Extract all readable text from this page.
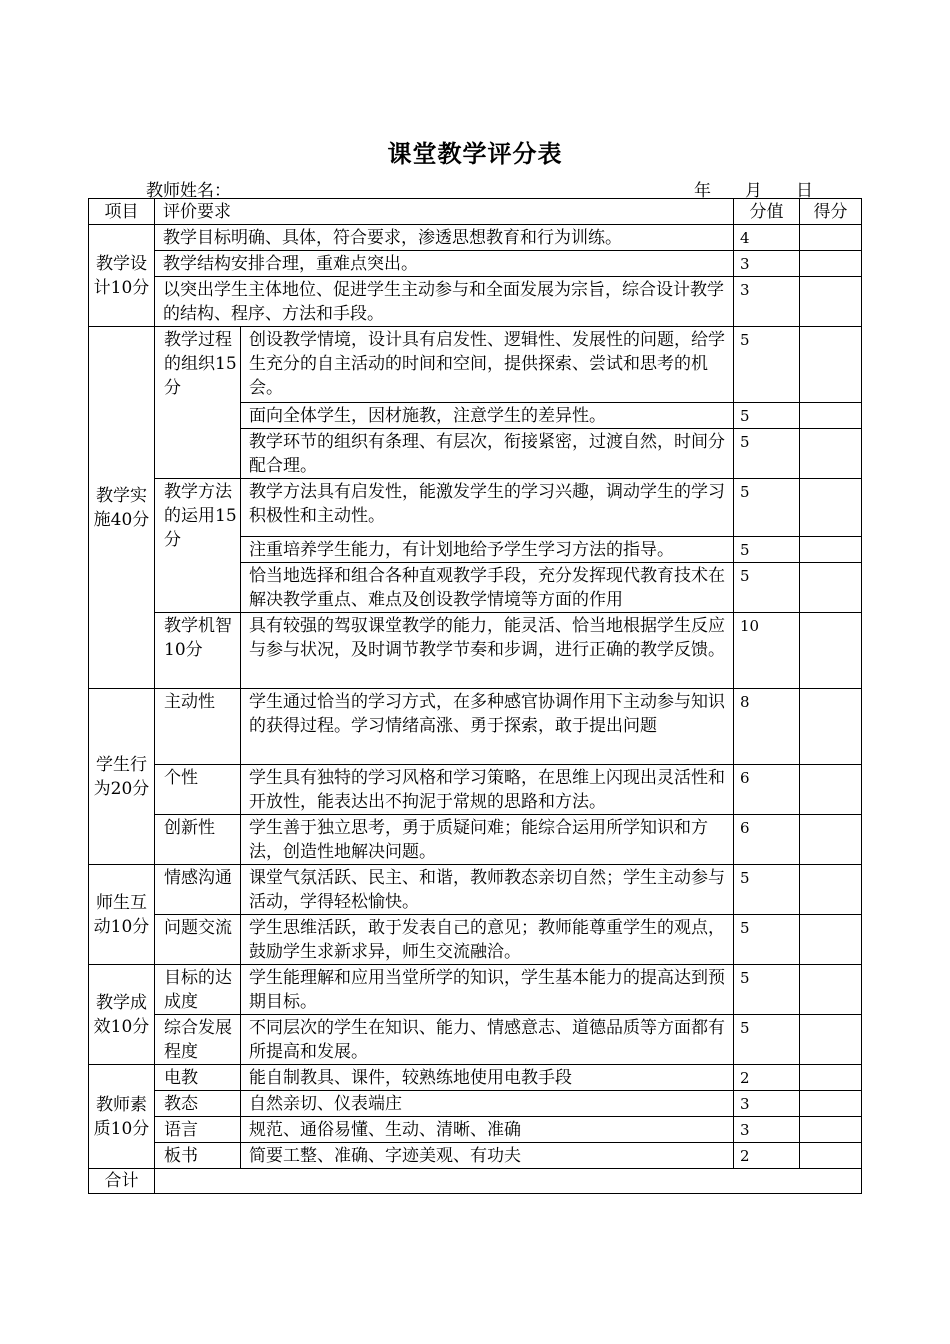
课堂教学评分表
教师姓名：	年　　月　　日
项目	评价要求		分值	得分
教学设计10分	教学目标明确、具体，符合要求，渗透思想教育和行为训练。		4	
	教学结构安排合理，重难点突出。		3	
	以突出学生主体地位、促进学生主动参与和全面发展为宗旨，综合设计教学的结构、程序、方法和手段。		3	
教学实施40分	教学过程的组织15分	创设教学情境，设计具有启发性、逻辑性、发展性的问题，给学生充分的自主活动的时间和空间，提供探索、尝试和思考的机会。	5	
		面向全体学生，因材施教，注意学生的差异性。	5	
		教学环节的组织有条理、有层次，衔接紧密，过渡自然，时间分配合理。	5	
	教学方法的运用15分	教学方法具有启发性，能激发学生的学习兴趣，调动学生的学习积极性和主动性。	5	
		注重培养学生能力，有计划地给予学生学习方法的指导。	5	
		恰当地选择和组合各种直观教学手段，充分发挥现代教育技术在解决教学重点、难点及创设教学情境等方面的作用	5	
	教学机智10分	具有较强的驾驭课堂教学的能力，能灵活、恰当地根据学生反应与参与状况，及时调节教学节奏和步调，进行正确的教学反馈。	10	
学生行为20分	主动性	学生通过恰当的学习方式，在多种感官协调作用下主动参与知识的获得过程。学习情绪高涨、勇于探索，敢于提出问题	8	
	个性	学生具有独特的学习风格和学习策略，在思维上闪现出灵活性和开放性，能表达出不拘泥于常规的思路和方法。	6	
	创新性	学生善于独立思考，勇于质疑问难；能综合运用所学知识和方法，创造性地解决问题。	6	
师生互动10分	情感沟通	课堂气氛活跃、民主、和谐，教师教态亲切自然；学生主动参与活动，学得轻松愉快。	5	
	问题交流	学生思维活跃，敢于发表自己的意见；教师能尊重学生的观点，鼓励学生求新求异，师生交流融洽。	5	
教学成效10分	目标的达成度	学生能理解和应用当堂所学的知识，学生基本能力的提高达到预期目标。	5	
	综合发展程度	不同层次的学生在知识、能力、情感意志、道德品质等方面都有所提高和发展。	5	
教师素质10分	电教	能自制教具、课件，较熟练地使用电教手段	2	
	教态	自然亲切、仪表端庄	3	
	语言	规范、通俗易懂、生动、清晰、准确	3	
	板书	简要工整、准确、字迹美观、有功夫	2	
合计				
